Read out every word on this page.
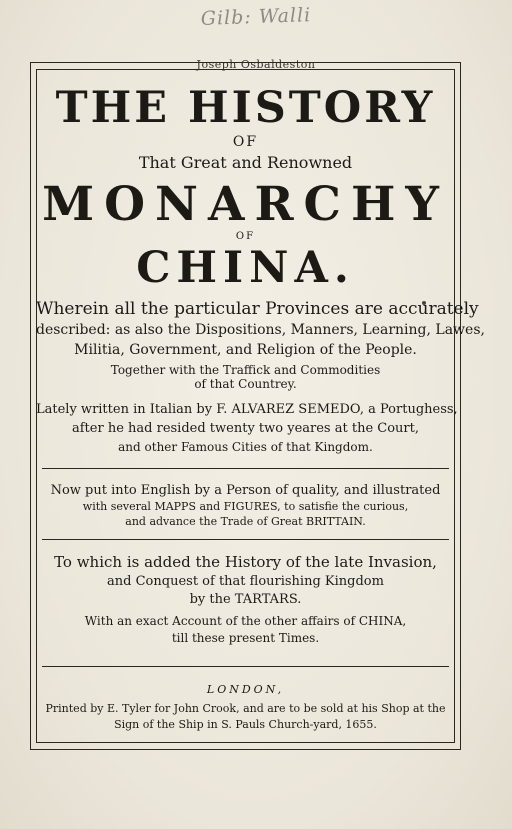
Gilb: Walli
Joseph Osbaldeston
THE HISTORY
OF
That Great and Renowned
MONARCHY
OF
CHINA.
Wherein all the particular Provinces are accurately
described: as also the Dispositions, Manners, Learning, Lawes,
Militia, Government, and Religion of the People.
Together with the Traffick and Commodities
of that Countrey.
Lately written in Italian by F. ALVAREZ SEMEDO, a Portughess,
after he had resided twenty two yeares at the Court,
and other Famous Cities of that Kingdom.
Now put into English by a Person of quality, and illustrated
with several MAPPS and FIGURES, to satisfie the curious,
and advance the Trade of Great BRITTAIN.
To which is added the History of the late Invasion,
and Conquest of that flourishing Kingdom
by the TARTARS.
With an exact Account of the other affairs of CHINA,
till these present Times.
LONDON,
Printed by E. Tyler for John Crook, and are to be sold at his Shop at the
Sign of the Ship in S. Pauls Church-yard, 1655.
